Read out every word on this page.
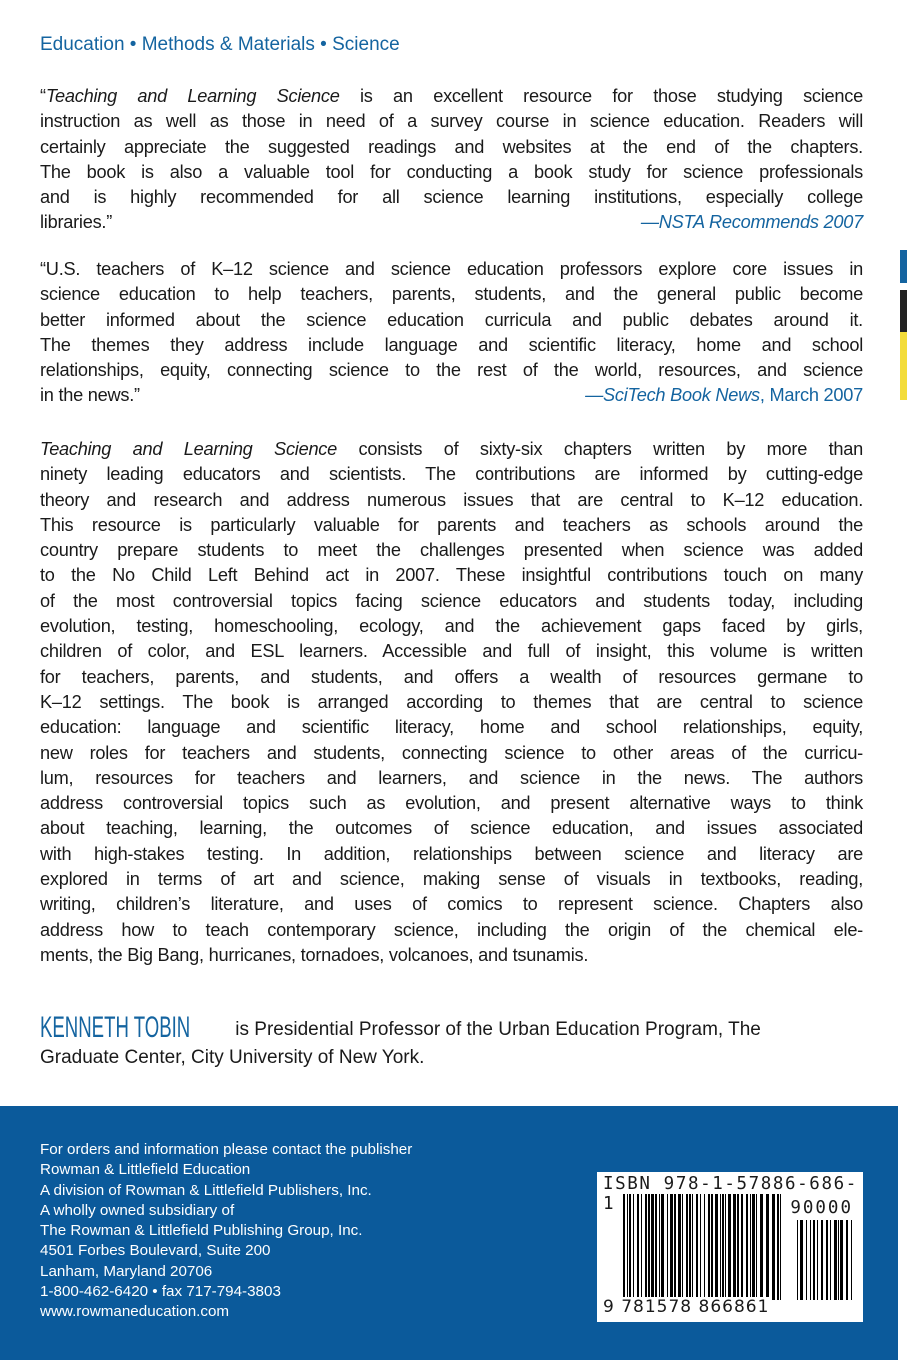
Education • Methods & Materials • Science
“Teaching and Learning Science is an excellent resource for those studying science
instruction as well as those in need of a survey course in science education. Readers will
certainly appreciate the suggested readings and websites at the end of the chapters.
The book is also a valuable tool for conducting a book study for science professionals
and is highly recommended for all science learning institutions, especially college
libraries.”	—NSTA Recommends 2007
“U.S. teachers of K–12 science and science education professors explore core issues in
science education to help teachers, parents, students, and the general public become
better informed about the science education curricula and public debates around it.
The themes they address include language and scientific literacy, home and school
relationships, equity, connecting science to the rest of the world, resources, and science
in the news.”	—SciTech Book News, March 2007
Teaching and Learning Science consists of sixty-six chapters written by more than
ninety leading educators and scientists. The contributions are informed by cutting-edge
theory and research and address numerous issues that are central to K–12 education.
This resource is particularly valuable for parents and teachers as schools around the
country prepare students to meet the challenges presented when science was added
to the No Child Left Behind act in 2007. These insightful contributions touch on many
of the most controversial topics facing science educators and students today, including
evolution, testing, homeschooling, ecology, and the achievement gaps faced by girls,
children of color, and ESL learners. Accessible and full of insight, this volume is written
for teachers, parents, and students, and offers a wealth of resources germane to
K–12 settings. The book is arranged according to themes that are central to science
education: language and scientific literacy, home and school relationships, equity,
new roles for teachers and students, connecting science to other areas of the curricu-
lum, resources for teachers and learners, and science in the news. The authors
address controversial topics such as evolution, and present alternative ways to think
about teaching, learning, the outcomes of science education, and issues associated
with high-stakes testing. In addition, relationships between science and literacy are
explored in terms of art and science, making sense of visuals in textbooks, reading,
writing, children’s literature, and uses of comics to represent science. Chapters also
address how to teach contemporary science, including the origin of the chemical ele-
ments, the Big Bang, hurricanes, tornadoes, volcanoes, and tsunamis.
KENNETH TOBIN is Presidential Professor of the Urban Education Program, The
Graduate Center, City University of New York.
For orders and information please contact the publisher
Rowman & Littlefield Education
A division of Rowman & Littlefield Publishers, Inc.
A wholly owned subsidiary of
The Rowman & Littlefield Publishing Group, Inc.
4501 Forbes Boulevard, Suite 200
Lanham, Maryland 20706
1-800-462-6420 • fax 717-794-3803
www.rowmaneducation.com
ISBN 978-1-57886-686-1	90000
9 781578 866861
